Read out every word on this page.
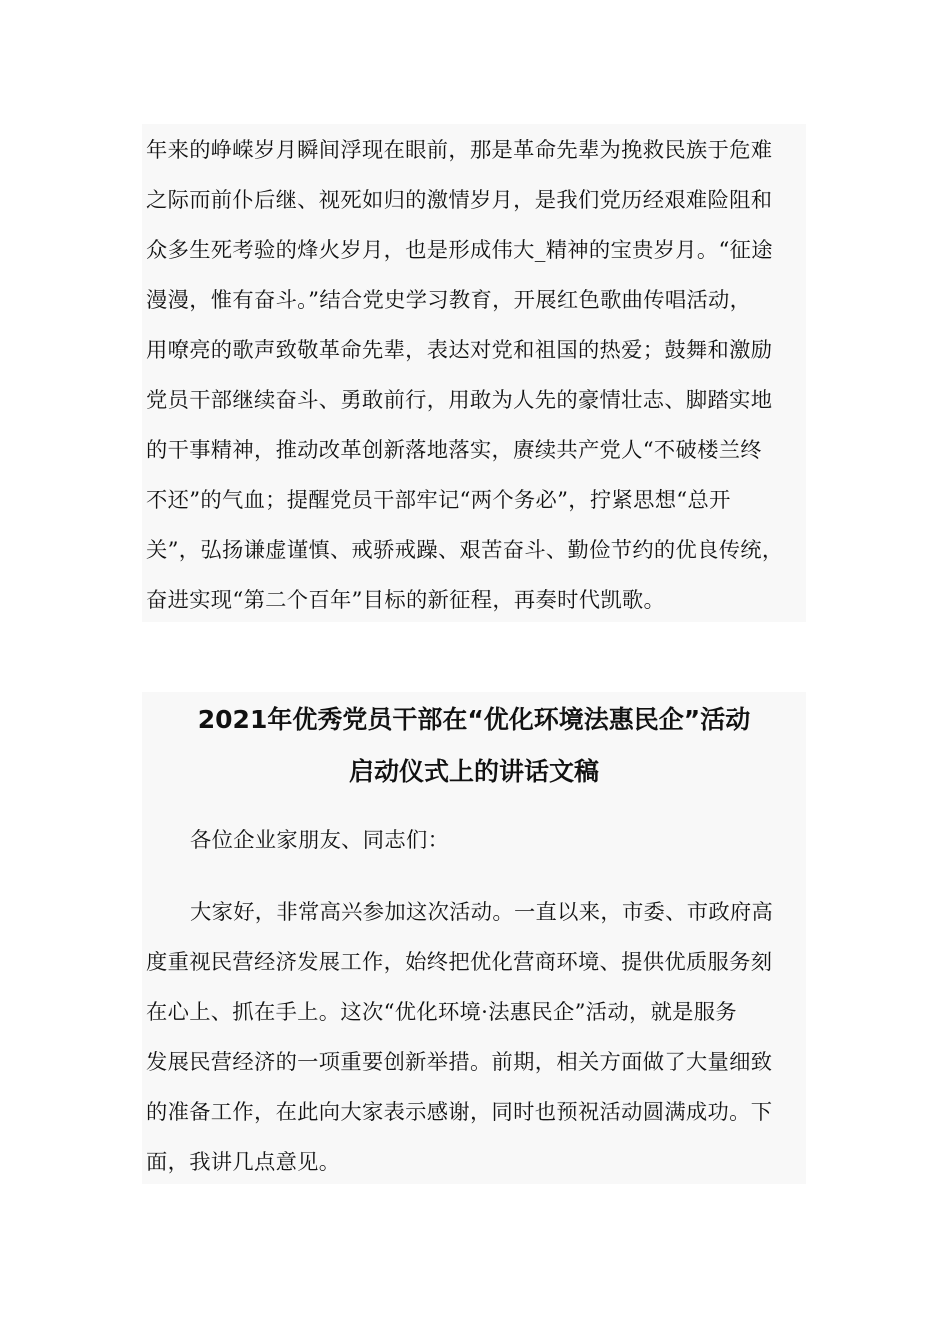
年来的峥嵘岁月瞬间浮现在眼前，那是革命先辈为挽救民族于危难
之际而前仆后继、视死如归的激情岁月，是我们党历经艰难险阻和
众多生死考验的烽火岁月，也是形成伟大_精神的宝贵岁月。“征途
漫漫，惟有奋斗。”结合党史学习教育，开展红色歌曲传唱活动，
用嘹亮的歌声致敬革命先辈，表达对党和祖国的热爱；鼓舞和激励
党员干部继续奋斗、勇敢前行，用敢为人先的豪情壮志、脚踏实地
的干事精神，推动改革创新落地落实，赓续共产党人“不破楼兰终
不还”的气血；提醒党员干部牢记“两个务必”，拧紧思想“总开
关”，弘扬谦虚谨慎、戒骄戒躁、艰苦奋斗、勤俭节约的优良传统，
奋进实现“第二个百年”目标的新征程，再奏时代凯歌。
2021年优秀党员干部在“优化环境法惠民企”活动
启动仪式上的讲话文稿
各位企业家朋友、同志们：
大家好，非常高兴参加这次活动。一直以来，市委、市政府高
度重视民营经济发展工作，始终把优化营商环境、提供优质服务刻
在心上、抓在手上。这次“优化环境·法惠民企”活动，就是服务
发展民营经济的一项重要创新举措。前期，相关方面做了大量细致
的准备工作，在此向大家表示感谢，同时也预祝活动圆满成功。下
面，我讲几点意见。
